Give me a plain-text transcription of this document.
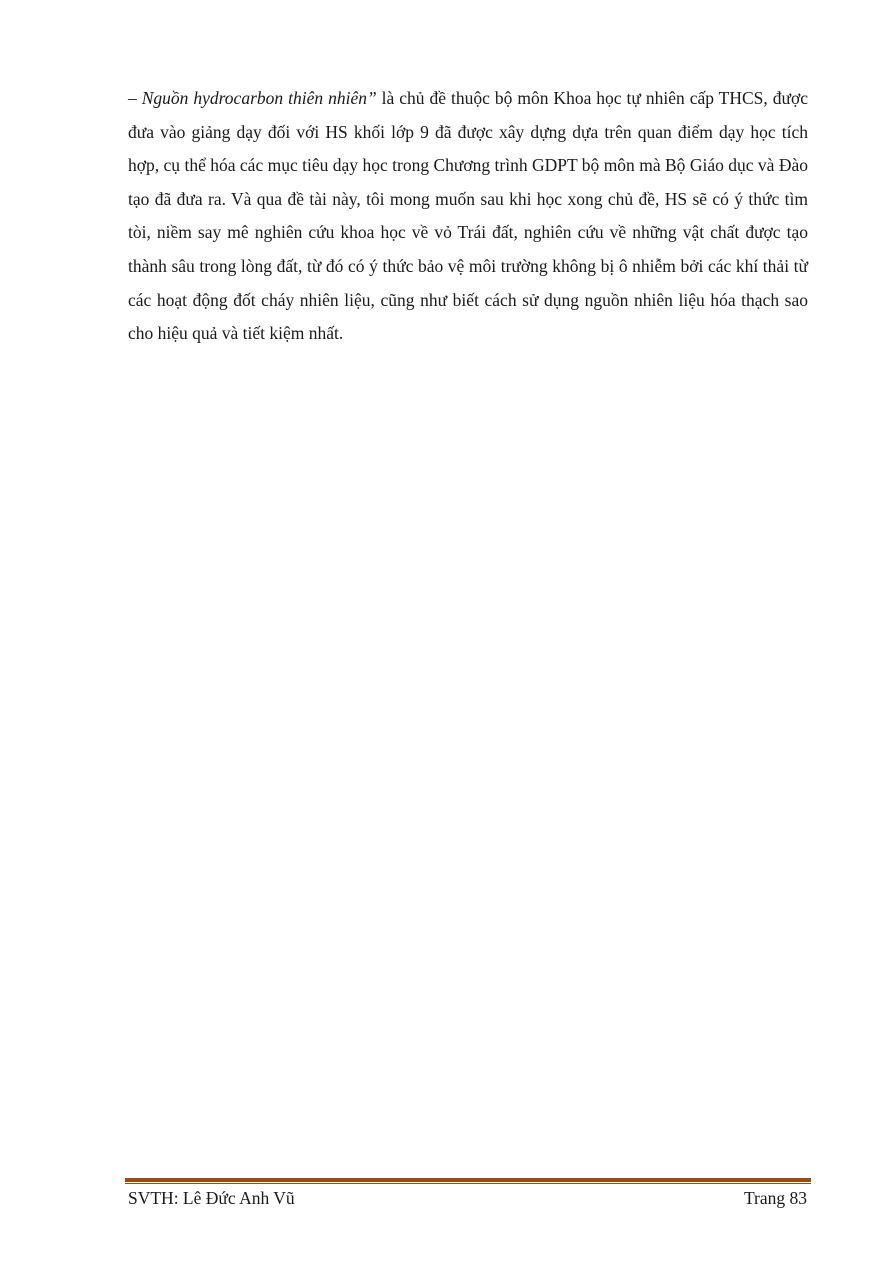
– Nguồn hydrocarbon thiên nhiên” là chủ đề thuộc bộ môn Khoa học tự nhiên cấp THCS, được đưa vào giảng dạy đối với HS khối lớp 9 đã được xây dựng dựa trên quan điểm dạy học tích hợp, cụ thể hóa các mục tiêu dạy học trong Chương trình GDPT bộ môn mà Bộ Giáo dục và Đào tạo đã đưa ra. Và qua đề tài này, tôi mong muốn sau khi học xong chủ đề, HS sẽ có ý thức tìm tòi, niềm say mê nghiên cứu khoa học về vỏ Trái đất, nghiên cứu về những vật chất được tạo thành sâu trong lòng đất, từ đó có ý thức bảo vệ môi trường không bị ô nhiễm bởi các khí thải từ các hoạt động đốt cháy nhiên liệu, cũng như biết cách sử dụng nguồn nhiên liệu hóa thạch sao cho hiệu quả và tiết kiệm nhất.

SVTH: Lê Đức Anh Vũ	Trang 83
